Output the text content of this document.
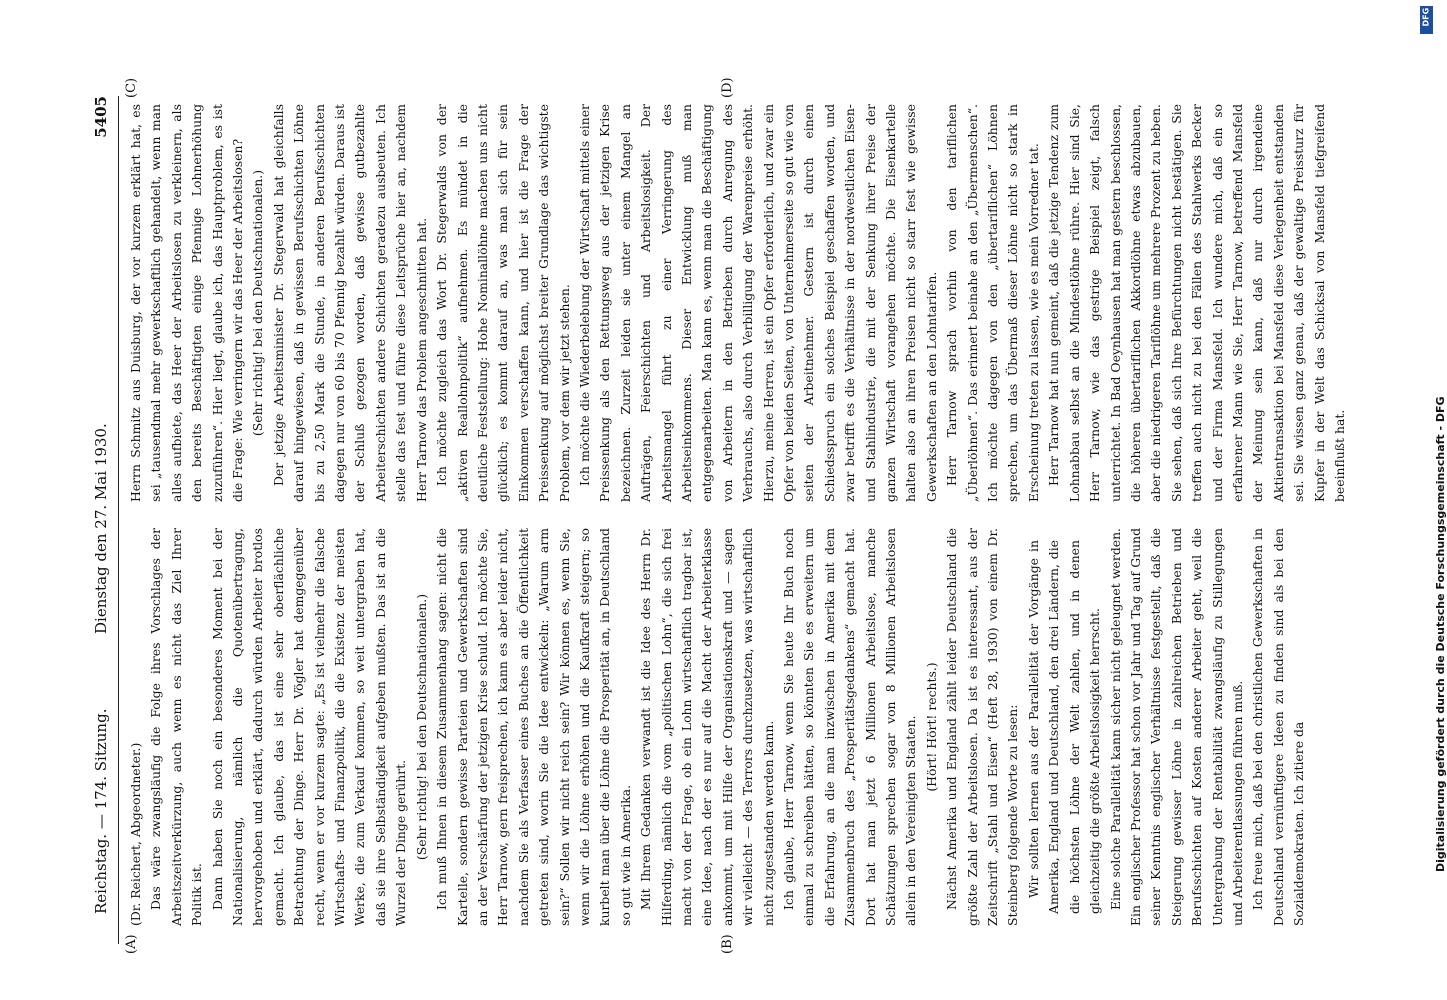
Reichstag. — 174. Sitzung.
Dienstag den 27. Mai 1930.
5405
(A)	(B)
(C)	(D)

(Dr. Reichert, Abgeordneter.) Das wäre zwangsläufig die Folge ihres Vorschlages der Arbeitszeitverkürzung, auch wenn es nicht das Ziel Ihrer Politik ist. Dann haben Sie noch ein besonderes Moment bei der Nationalisierung, nämlich die Quotenübertragung, hervorgehoben und erklärt, dadurch würden Arbeiter brotlos gemacht. Ich glaube, das ist eine sehr oberflächliche Betrachtung der Dinge. Herr Dr. Vögler hat demgegenüber recht, wenn er vor kurzem sagte: „Es ist vielmehr die falsche Wirtschafts- und Finanzpolitik, die die Existenz der meisten Werke, die zum Verkauf kommen, so weit untergraben hat, daß sie ihre Selbständigkeit aufgeben mußten. Das ist an die Wurzel der Dinge gerührt. (Sehr richtig! bei den Deutschnationalen.) Ich muß Ihnen in diesem Zusammenhang sagen: nicht die Kartelle, sondern gewisse Parteien und Gewerkschaften sind an der Verschärfung der jetzigen Krise schuld. Ich möchte Sie, Herr Tarnow, gern freisprechen, ich kann es aber leider nicht, nachdem Sie als Verfasser eines Buches an die Öffentlichkeit getreten sind, worin Sie die Idee entwickeln: „Warum arm sein?“ Sollen wir nicht reich sein? Wir können es, wenn Sie, wenn wir die Löhne erhöhen und die Kaufkraft steigern; so kurbelt man über die Löhne die Prosperität an, in Deutschland so gut wie in Amerika. Mit Ihrem Gedanken verwandt ist die Idee des Herrn Dr. Hilferding, nämlich die vom „politischen Lohn“, die sich frei macht von der Frage, ob ein Lohn wirtschaftlich tragbar ist, eine Idee, nach der es nur auf die Macht der Arbeiterklasse ankommt, um mit Hilfe der Organisationskraft und — sagen wir vielleicht — des Terrors durchzusetzen, was wirtschaftlich nicht zugestanden werden kann. Ich glaube, Herr Tarnow, wenn Sie heute Ihr Buch noch einmal zu schreiben hätten, so könnten Sie es erweitern um die Erfahrung, an die man inzwischen in Amerika mit dem Zusammenbruch des „Prosperitätsgedankens“ gemacht hat. Dort hat man jetzt 6 Millionen Arbeitslose, manche Schätzungen sprechen sogar von 8 Millionen Arbeitslosen allein in den Vereinigten Staaten. (Hört! Hört! rechts.) Nächst Amerika und England zählt leider Deutschland die größte Zahl der Arbeitslosen. Da ist es interessant, aus der Zeitschrift „Stahl und Eisen“ (Heft 28, 1930) von einem Dr. Steinberg folgende Worte zu lesen: Wir sollten lernen aus der Parallelität der Vorgänge in Amerika, England und Deutschland, den drei Ländern, die die höchsten Löhne der Welt zahlen, und in denen gleichzeitig die größte Arbeitslosigkeit herrscht. Eine solche Parallelität kann sicher nicht geleugnet werden. Ein englischer Professor hat schon vor Jahr und Tag auf Grund seiner Kenntnis englischer Verhältnisse festgestellt, daß die Steigerung gewisser Löhne in zahlreichen Betrieben und Berufsschichten auf Kosten anderer Arbeiter geht, weil die Untergrabung der Rentabilität zwangsläufig zu Stillegungen und Arbeiterentlassungen führen muß. Ich freue mich, daß bei den christlichen Gewerkschaften in Deutschland vernünftigere Ideen zu finden sind als bei den Sozialdemokraten. Ich zitiere da

Herrn Schmitz aus Duisburg, der vor kurzem erklärt hat, es sei „tausendmal mehr gewerkschaftlich gehandelt, wenn man alles aufbiete, das Heer der Arbeitslosen zu verkleinern, als den bereits Beschäftigten einige Pfennige Lohnerhöhung zuzuführen“. Hier liegt, glaube ich, das Hauptproblem, es ist die Frage: Wie verringern wir das Heer der Arbeitslosen? (Sehr richtig! bei den Deutschnationalen.) Der jetzige Arbeitsminister Dr. Stegerwald hat gleichfalls darauf hingewiesen, daß in gewissen Berufsschichten Löhne bis zu 2,50 Mark die Stunde, in anderen Berufsschichten dagegen nur von 60 bis 70 Pfennig bezahlt würden. Daraus ist der Schluß gezogen worden, daß gewisse gutbezahlte Arbeiterschichten andere Schichten geradezu ausbeuten. Ich stelle das fest und führe diese Leitsprüche hier an, nachdem Herr Tarnow das Problem angeschnitten hat. Ich möchte zugleich das Wort Dr. Stegerwalds von der „aktiven Reallohnpolitik“ aufnehmen. Es mündet in die deutliche Feststellung: Hohe Nominallöhne machen uns nicht glücklich; es kommt darauf an, was man sich für sein Einkommen verschaffen kann, und hier ist die Frage der Preissenkung auf möglichst breiter Grundlage das wichtigste Problem, vor dem wir jetzt stehen. Ich möchte die Wiederbelebung der Wirtschaft mittels einer Preissenkung als den Rettungsweg aus der jetzigen Krise bezeichnen. Zurzeit leiden sie unter einem Mangel an Aufträgen, Feierschichten und Arbeitslosigkeit. Der Arbeitsmangel führt zu einer Verringerung des Arbeitseinkommens. Dieser Entwicklung muß man entgegenarbeiten. Man kann es, wenn man die Beschäftigung von Arbeitern in den Betrieben durch Anregung des Verbrauchs, also durch Verbilligung der Warenpreise erhöht. Hierzu, meine Herren, ist ein Opfer erforderlich, und zwar ein Opfer von beiden Seiten, von Unternehmerseite so gut wie von seiten der Arbeitnehmer. Gestern ist durch einen Schiedsspruch ein solches Beispiel geschaffen worden, und zwar betrifft es die Verhältnisse in der nordwestlichen Eisen- und Stahlindustrie, die mit der Senkung ihrer Preise der ganzen Wirtschaft vorangehen möchte. Die Eisenkartelle halten also an ihren Preisen nicht so starr fest wie gewisse Gewerkschaften an den Lohntarifen. Herr Tarnow sprach vorhin von den tariflichen „Überlöhnen“. Das erinnert beinahe an den „Übermenschen“. Ich möchte dagegen von den „übertariflichen“ Löhnen sprechen, um das Übermaß dieser Löhne nicht so stark in Erscheinung treten zu lassen, wie es mein Vorredner tat. Herr Tarnow hat nun gemeint, daß die jetzige Tendenz zum Lohnabbau selbst an die Mindestlöhne rühre. Hier sind Sie, Herr Tarnow, wie das gestrige Beispiel zeigt, falsch unterrichtet. In Bad Oeynhausen hat man gestern beschlossen, die höheren übertariflichen Akkordlöhne etwas abzubauen, aber die niedrigeren Tariflöhne um mehrere Prozent zu heben. Sie sehen, daß sich Ihre Befürchtungen nicht bestätigen. Sie treffen auch nicht zu bei den Fällen des Stahlwerks Becker und der Firma Mansfeld. Ich wundere mich, daß ein so erfahrener Mann wie Sie, Herr Tarnow, betreffend Mansfeld der Meinung sein kann, daß nur durch irgendeine Aktientransaktion bei Mansfeld diese Verlegenheit entstanden sei. Sie wissen ganz genau, daß der gewaltige Preissturz für Kupfer in der Welt das Schicksal von Mansfeld tiefgreifend beeinflußt hat.

DFG
Digitalisierung gefördert durch die Deutsche Forschungsgemeinschaft - DFG
